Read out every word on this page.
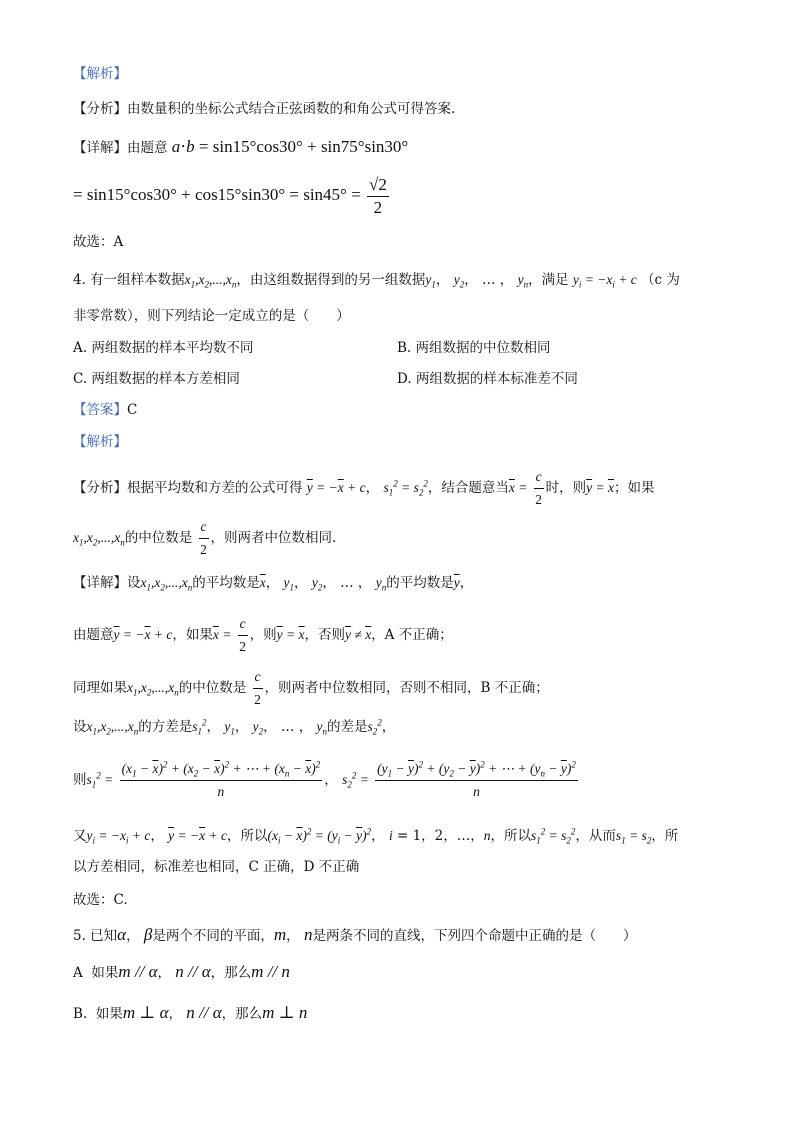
【解析】
【分析】由数量积的坐标公式结合正弦函数的和角公式可得答案.
【详解】由题意 a⋅b = sin15°cos30° + sin75°sin30°
= $\sin 15^\circ\cos 30^\circ + \cos 15^\circ\sin 30^\circ = \sin 45^\circ = \frac{√2}{2}$
故选：A
4. 有一组样本数据$x_1,x_2,...,x_n$，由这组数据得到的另一组数据$y_1$， $y_2$， … ， $y_n$，满足 $y_i = -x_i + c$ （c 为
非零常数），则下列结论一定成立的是（　　）
A. 两组数据的样本平均数不同	B. 两组数据的中位数相同
C. 两组数据的样本方差相同	D. 两组数据的样本标准差不同
【答案】C
【解析】
【分析】根据平均数和方差的公式可得 $\overline{y} = -\overline{x} + c$， $s_1^2 = s_2^2$，结合题意当$\overline{x} = \frac{c}{2}$ 时，则$\overline{y} = \overline{x}$；如果
$x_1,x_2,...,x_n$的中位数是 $\frac{c}{2}$ ，则两者中位数相同.
【详解】设$x_1,x_2,...,x_n$的平均数是$\overline{x}$， $y_1$， $y_2$， … ， $y_n$的平均数是$\overline{y}$，
由题意$\overline{y} = -\overline{x} + c$，如果$\overline{x} = \frac{c}{2}$ ，则$\overline{y} = \overline{x}$，否则$\overline{y} \ne \overline{x}$，A 不正确；
同理如果$x_1,x_2,...,x_n$的中位数是 $\frac{c}{2}$ ，则两者中位数相同，否则不相同，B 不正确；
设$x_1,x_2,...,x_n$的方差是$s_1^2$， $y_1$， $y_2$， … ， $y_n$的差是$s_2^2$，
则$s_1^2 = \frac{(x_1 - \overline{x})^2 + (x_2 - \overline{x})^2 + \cdots + (x_n - \overline{x})^2}{n}$ ， $s_2^2 = \frac{(y_1 - \overline{y})^2 + (y_2 - \overline{y})^2 + \cdots + (y_n - \overline{y})^2}{n}$
又$y_i = -x_i + c$， $\overline{y} = -\overline{x} + c$，所以$(x_i - \overline{x})^2 = (y_i - \overline{y})^2$， i = 1，2，…，n，所以$s_1^2 = s_2^2$，从而$s_1 = s_2$，所
以方差相同，标准差也相同，C 正确，D 不正确
故选：C.
5. 已知α， β是两个不同的平面，m， n是两条不同的直线，下列四个命题中正确的是（　　）
A 如果m // α， n // α，那么m // n
B. 如果m ⊥ α， n // α，那么m ⊥ n
